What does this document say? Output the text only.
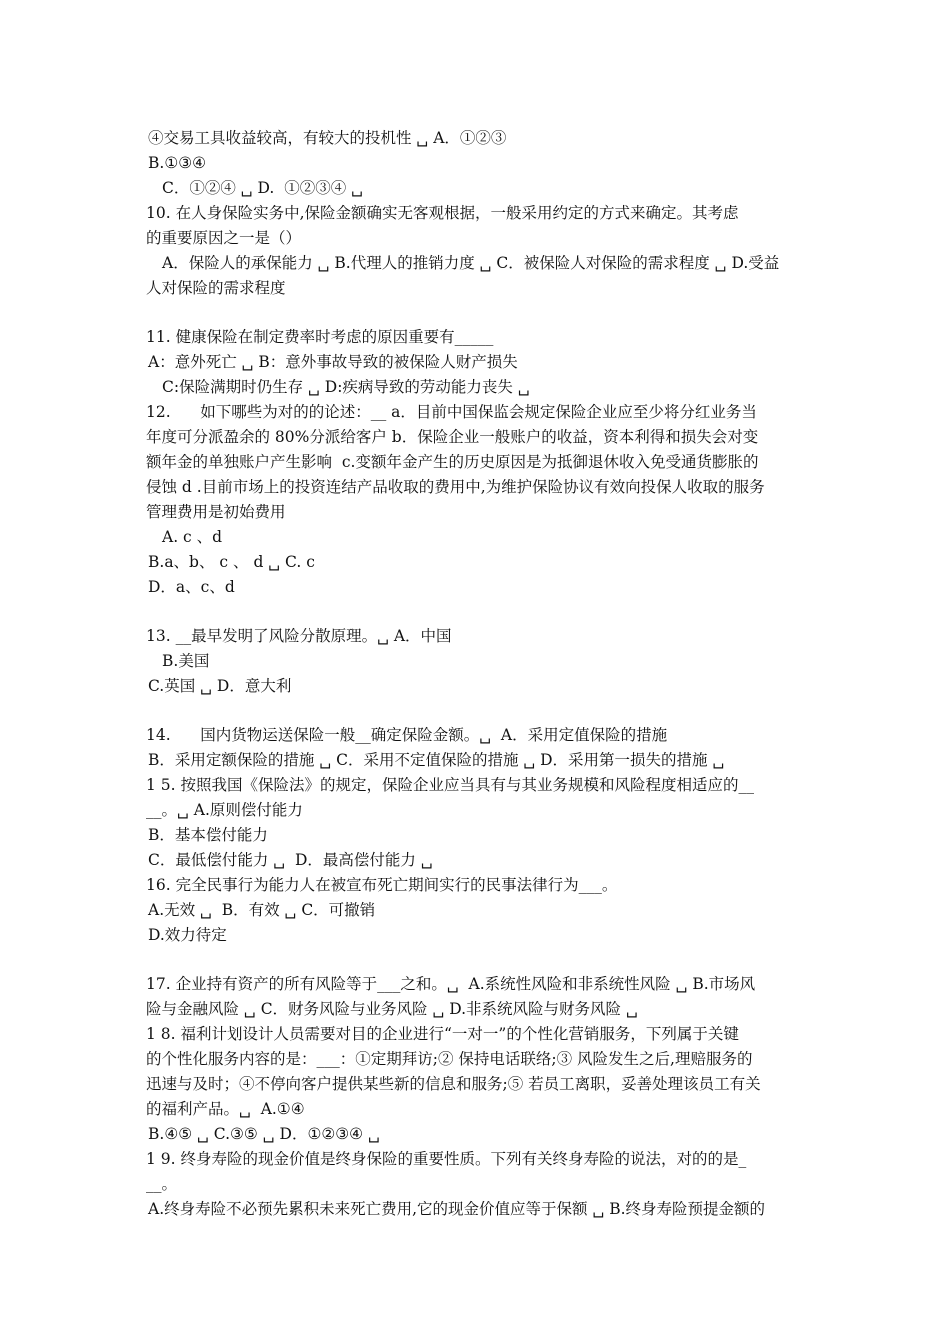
④交易工具收益较高，有较大的投机性 ␣ A．①②③
B.①③④
C．①②④ ␣ D.  ①②③④ ␣
10. 在人身保险实务中,保险金额确实无客观根据，一般采用约定的方式来确定。其考虑
的重要原因之一是（）
A．保险人的承保能力 ␣ B.代理人的推销力度 ␣ C．被保险人对保险的需求程度 ␣ D.受益
人对保险的需求程度
11. 健康保险在制定费率时考虑的原因重要有_____
A：意外死亡 ␣ B：意外事故导致的被保险人财产损失
C:保险满期时仍生存 ␣ D:疾病导致的劳动能力丧失 ␣
12.      如下哪些为对的的论述：__ a．目前中国保监会规定保险企业应至少将分红业务当
年度可分派盈余的 80%分派给客户 b．保险企业一般账户的收益，资本利得和损失会对变
额年金的单独账户产生影响  c.变额年金产生的历史原因是为抵御退休收入免受通货膨胀的
侵蚀 d .目前市场上的投资连结产品收取的费用中,为维护保险协议有效向投保人收取的服务
管理费用是初始费用
A. c 、d
B.a、b、 c 、 d ␣ C. c
D．a、c、d
13. __最早发明了风险分散原理。␣ A．中国
B.美国
C.英国 ␣ D．意大利
14.      国内货物运送保险一般__确定保险金额。␣  A．采用定值保险的措施
B．采用定额保险的措施 ␣ C．采用不定值保险的措施 ␣ D．采用第一损失的措施 ␣
1 5. 按照我国《保险法》的规定，保险企业应当具有与其业务规模和风险程度相适应的__
__。␣ A.原则偿付能力
B．基本偿付能力
C．最低偿付能力 ␣  D．最高偿付能力 ␣
16. 完全民事行为能力人在被宣布死亡期间实行的民事法律行为___。
A.无效 ␣  B．有效 ␣ C．可撤销
D.效力待定
17. 企业持有资产的所有风险等于___之和。␣  A.系统性风险和非系统性风险 ␣ B.市场风
险与金融风险 ␣ C．财务风险与业务风险 ␣ D.非系统风险与财务风险 ␣
1 8. 福利计划设计人员需要对目的企业进行“一对一”的个性化营销服务，下列属于关键
的个性化服务内容的是：___：①定期拜访;② 保持电话联络;③ 风险发生之后,理赔服务的
迅速与及时；④不停向客户提供某些新的信息和服务;⑤ 若员工离职，妥善处理该员工有关
的福利产品。␣  A.①④
B.④⑤ ␣ C.③⑤ ␣ D．①②③④ ␣
1 9. 终身寿险的现金价值是终身保险的重要性质。下列有关终身寿险的说法，对的的是_
__。
A.终身寿险不必预先累积未来死亡费用,它的现金价值应等于保额 ␣ B.终身寿险预提金额的
